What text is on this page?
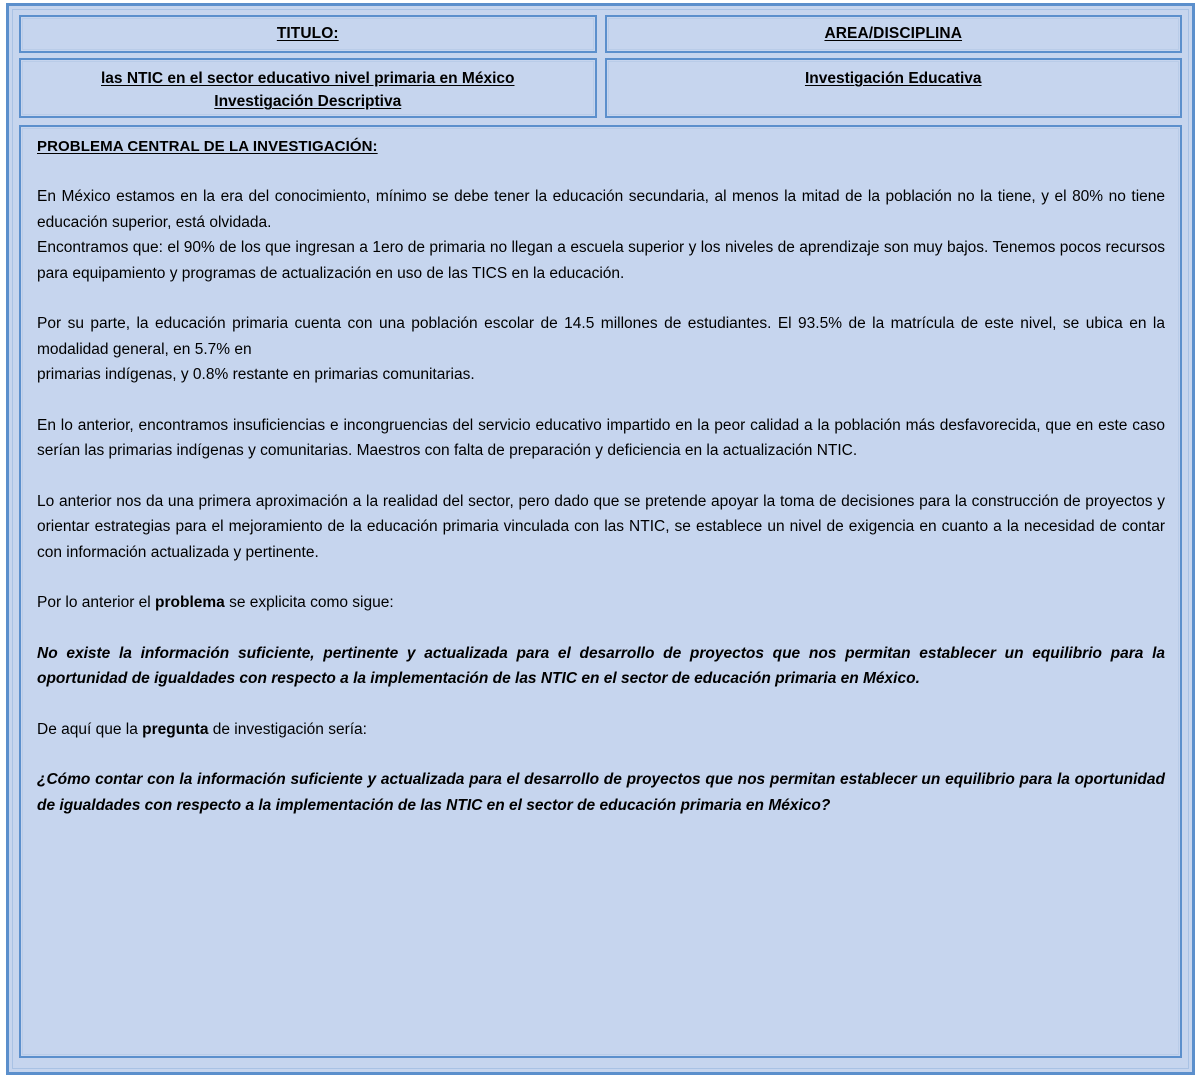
TITULO:
las NTIC en el sector educativo nivel primaria en México
Investigación Descriptiva
AREA/DISCIPLINA
Investigación Educativa
PROBLEMA CENTRAL DE LA INVESTIGACIÓN:

En México estamos en la era del conocimiento, mínimo se debe tener la educación secundaria, al menos la mitad de la población no la tiene, y el 80% no tiene educación superior, está olvidada.
Encontramos que: el 90% de los que ingresan a 1ero de primaria no llegan a escuela superior y los niveles de aprendizaje son muy bajos. Tenemos pocos recursos para equipamiento y programas de actualización en uso de las TICS en la educación.

Por su parte, la educación primaria cuenta con una población escolar de 14.5 millones de estudiantes. El 93.5% de la matrícula de este nivel, se ubica en la modalidad general, en 5.7% en
primarias indígenas, y 0.8% restante en primarias comunitarias.

En lo anterior, encontramos insuficiencias e incongruencias del servicio educativo impartido en la peor calidad a la población más desfavorecida, que en este caso serían las primarias indígenas y comunitarias. Maestros con falta de preparación y deficiencia en la actualización NTIC.

Lo anterior nos da una primera aproximación a la realidad del sector, pero dado que se pretende apoyar la toma de decisiones para la construcción de proyectos y orientar estrategias para el mejoramiento de la educación primaria vinculada con las NTIC, se establece un nivel de exigencia en cuanto a la necesidad de contar con información actualizada y pertinente.

Por lo anterior el problema se explicita como sigue:

No existe la información suficiente, pertinente y actualizada para el desarrollo de proyectos que nos permitan establecer un equilibrio para la oportunidad de igualdades con respecto a la implementación de las NTIC en el sector de educación primaria en México.

De aquí que la pregunta de investigación sería:

¿Cómo contar con la información suficiente y actualizada para el desarrollo de proyectos que nos permitan establecer un equilibrio para la oportunidad de igualdades con respecto a la implementación de las NTIC en el sector de educación primaria en México?
